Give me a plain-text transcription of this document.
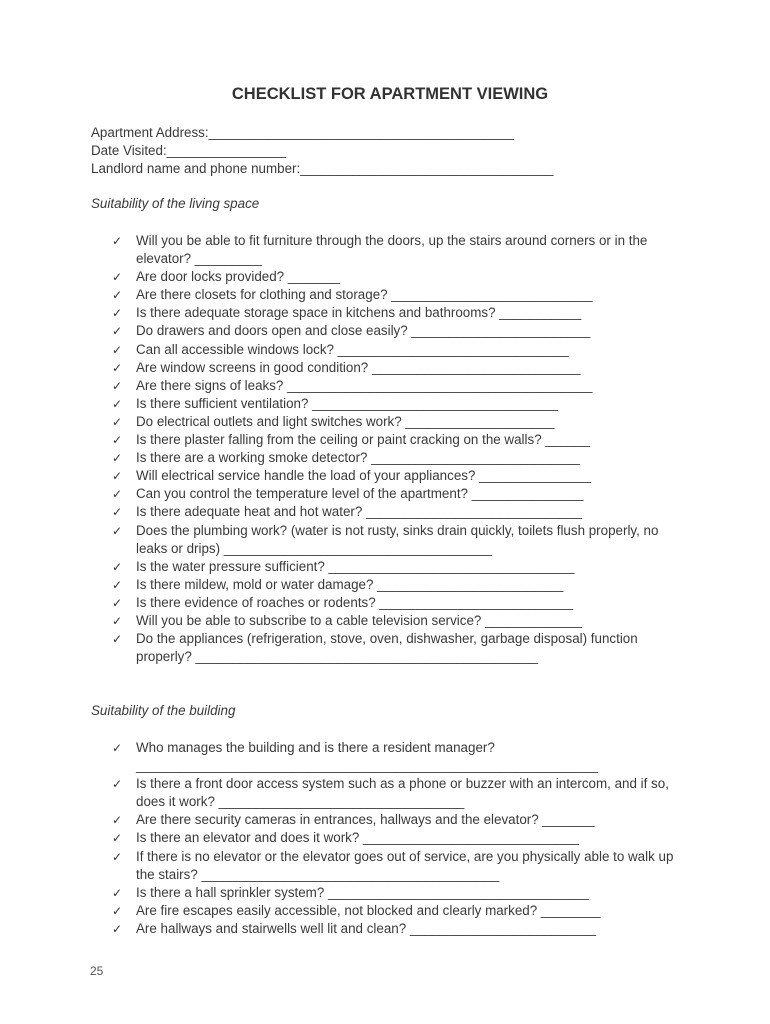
CHECKLIST FOR APARTMENT VIEWING
Apartment Address:_________________________________________
Date Visited:________________
Landlord name and phone number:__________________________________
Suitability of the living space
✓ Will you be able to fit furniture through the doors, up the stairs around corners or in the elevator? _________
✓ Are door locks provided? _______
✓ Are there closets for clothing and storage? ___________________________
✓ Is there adequate storage space in kitchens and bathrooms? ___________
✓ Do drawers and doors open and close easily? ________________________
✓ Can all accessible windows lock? _______________________________
✓ Are window screens in good condition? ____________________________
✓ Are there signs of leaks? _________________________________________
✓ Is there sufficient ventilation? _________________________________
✓ Do electrical outlets and light switches work? ____________________
✓ Is there plaster falling from the ceiling or paint cracking on the walls? ______
✓ Is there are a working smoke detector? ____________________________
✓ Will electrical service handle the load of your appliances? _______________
✓ Can you control the temperature level of the apartment? _______________
✓ Is there adequate heat and hot water? _____________________________
✓ Does the plumbing work? (water is not rusty, sinks drain quickly, toilets flush properly, no leaks or drips) ____________________________________
✓ Is the water pressure sufficient? _________________________________
✓ Is there mildew, mold or water damage? _________________________
✓ Is there evidence of roaches or rodents? __________________________
✓ Will you be able to subscribe to a cable television service? _____________
✓ Do the appliances (refrigeration, stove, oven, dishwasher, garbage disposal) function properly? ______________________________________________
Suitability of the building
✓ Who manages the building and is there a resident manager? ______________________________________________________________
✓ Is there a front door access system such as a phone or buzzer with an intercom, and if so, does it work? _________________________________
✓ Are there security cameras in entrances, hallways and the elevator? _______
✓ Is there an elevator and does it work? _____________________________
✓ If there is no elevator or the elevator goes out of service, are you physically able to walk up the stairs? ________________________________________
✓ Is there a hall sprinkler system? ___________________________________
✓ Are fire escapes easily accessible, not blocked and clearly marked? ________
✓ Are hallways and stairwells well lit and clean? _________________________
25
